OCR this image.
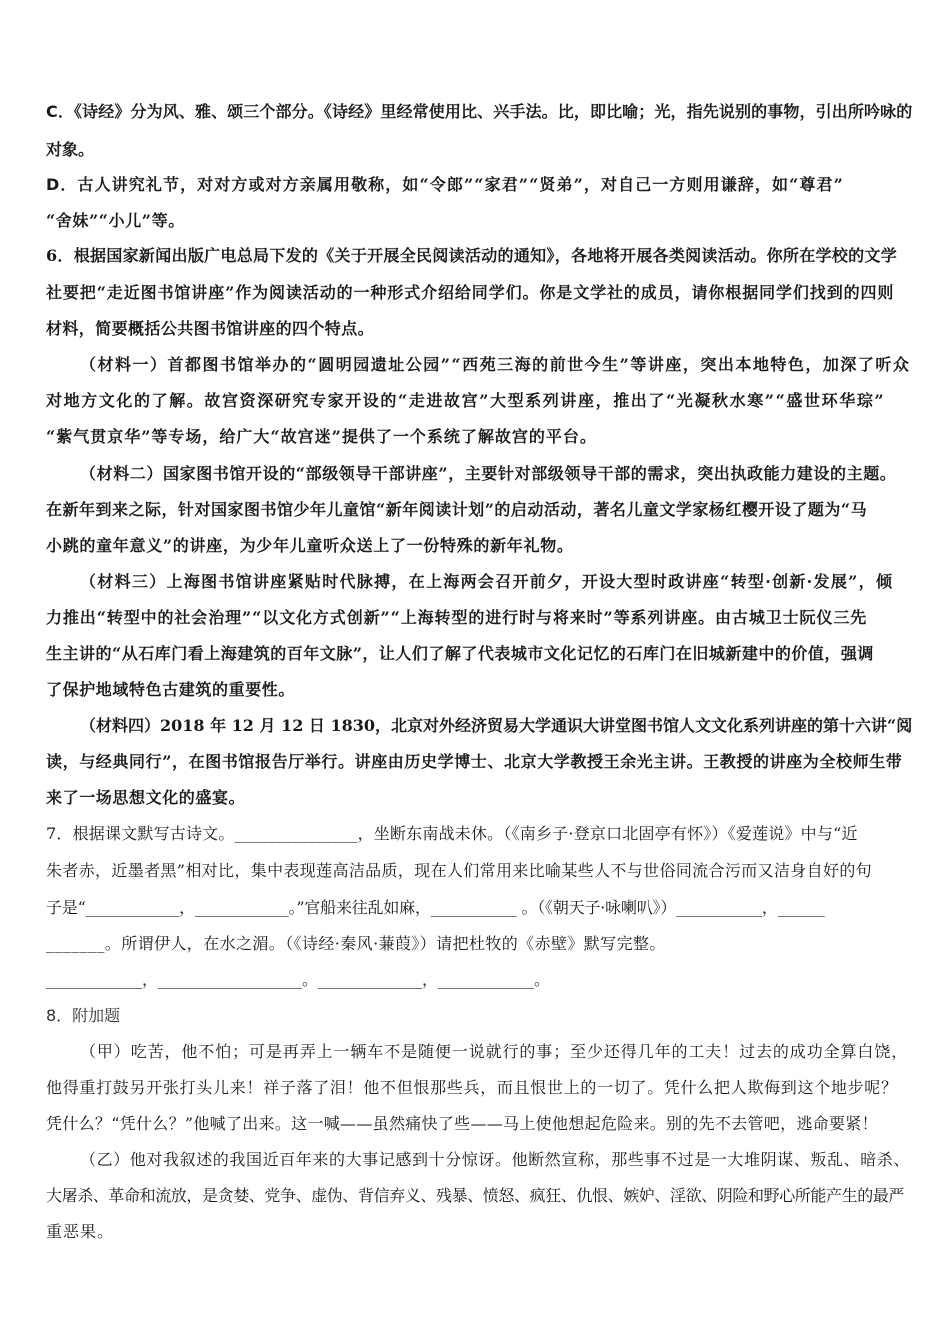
C．《诗经》分为风、雅、颂三个部分。《诗经》里经常使用比、兴手法。比，即比喻；光，指先说别的事物，引出所吟咏的
对象。
D．古人讲究礼节，对对方或对方亲属用敬称，如“令郎”“家君”“贤弟”，对自己一方则用谦辞，如“尊君”
“舍妹”“小儿”等。
6．根据国家新闻出版广电总局下发的《关于开展全民阅读活动的通知》，各地将开展各类阅读活动。你所在学校的文学
社要把“走近图书馆讲座”作为阅读活动的一种形式介绍给同学们。你是文学社的成员，请你根据同学们找到的四则
材料，简要概括公共图书馆讲座的四个特点。
（材料一）首都图书馆举办的“圆明园遗址公园”“西苑三海的前世今生”等讲座，突出本地特色，加深了听众
对地方文化的了解。故宫资深研究专家开设的“走进故宫”大型系列讲座，推出了“光凝秋水寒”“盛世环华琮”
“紫气贯京华”等专场，给广大“故宫迷”提供了一个系统了解故宫的平台。
（材料二）国家图书馆开设的“部级领导干部讲座”，主要针对部级领导干部的需求，突出执政能力建设的主题。
在新年到来之际，针对国家图书馆少年儿童馆“新年阅读计划”的启动活动，著名儿童文学家杨红樱开设了题为“马
小跳的童年意义”的讲座，为少年儿童听众送上了一份特殊的新年礼物。
（材料三）上海图书馆讲座紧贴时代脉搏，在上海两会召开前夕，开设大型时政讲座“转型·创新·发展”，倾
力推出“转型中的社会治理”“以文化方式创新”“上海转型的进行时与将来时”等系列讲座。由古城卫士阮仪三先
生主讲的“从石库门看上海建筑的百年文脉”，让人们了解了代表城市文化记忆的石库门在旧城新建中的价值，强调
了保护地域特色古建筑的重要性。
（材料四）2018 年 12 月 12 日 1830，北京对外经济贸易大学通识大讲堂图书馆人文文化系列讲座的第十六讲“阅
读，与经典同行”，在图书馆报告厅举行。讲座由历史学博士、北京大学教授王余光主讲。王教授的讲座为全校师生带
来了一场思想文化的盛宴。
7．根据课文默写古诗文。_______________，坐断东南战未休。（《南乡子·登京口北固亭有怀》）《爱莲说》中与“近
朱者赤，近墨者黑”相对比，集中表现莲高洁品质，现在人们常用来比喻某些人不与世俗同流合污而又洁身自好的句
子是“____________，____________。”官船来往乱如麻，___________ 。（《朝天子·咏喇叭》）___________，______
_______。所谓伊人，在水之湄。（《诗经·秦风·蒹葭》）请把杜牧的《赤壁》默写完整。
____________，__________________。_____________，____________。
8．附加题
（甲）吃苦，他不怕；可是再弄上一辆车不是随便一说就行的事；至少还得几年的工夫！过去的成功全算白饶，
他得重打鼓另开张打头儿来！祥子落了泪！他不但恨那些兵，而且恨世上的一切了。凭什么把人欺侮到这个地步呢？
凭什么？“凭什么？”他喊了出来。这一喊——虽然痛快了些——马上使他想起危险来。别的先不去管吧，逃命要紧！
（乙）他对我叙述的我国近百年来的大事记感到十分惊讶。他断然宣称，那些事不过是一大堆阴谋、叛乱、暗杀、
大屠杀、革命和流放，是贪婪、党争、虚伪、背信弃义、残暴、愤怒、疯狂、仇恨、嫉妒、淫欲、阴险和野心所能产生的最严
重恶果。
